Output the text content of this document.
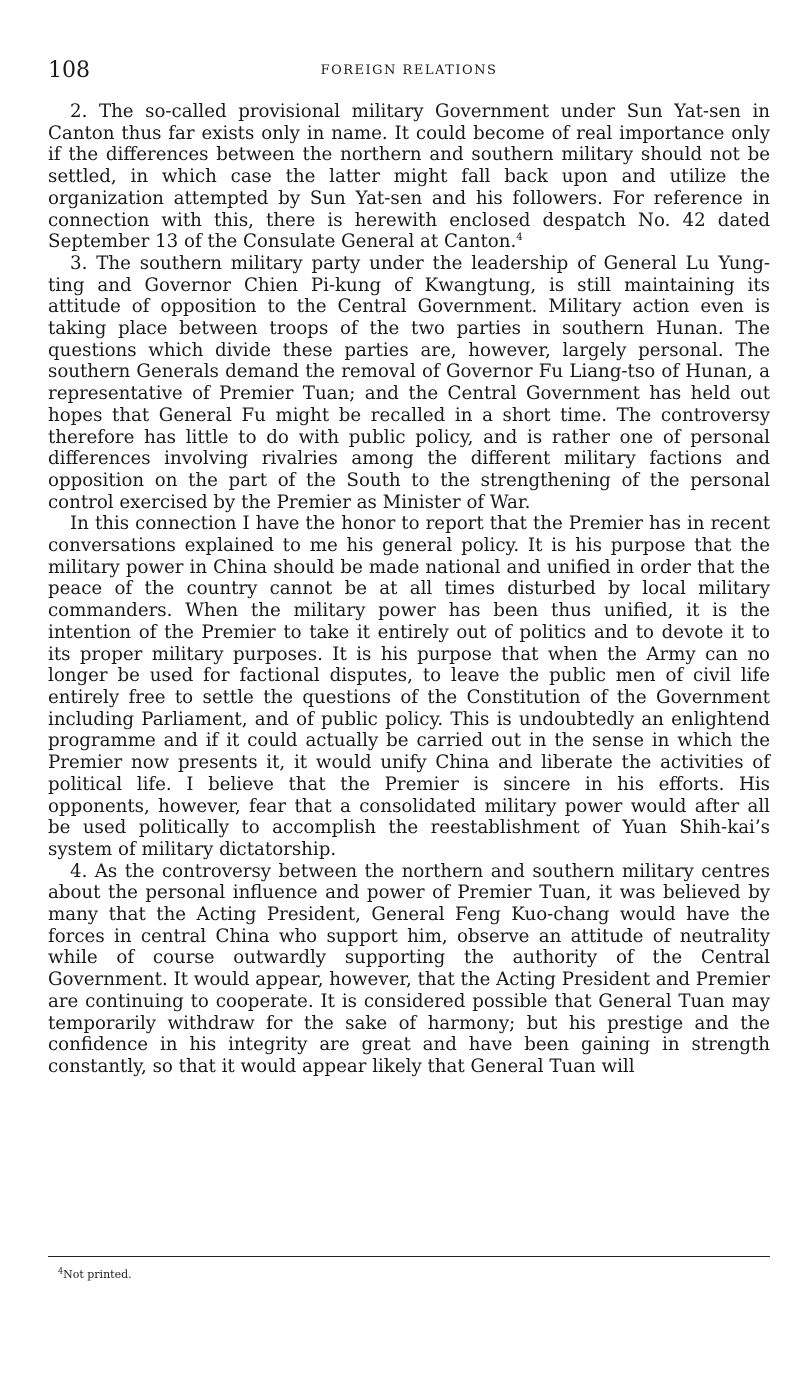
108	FOREIGN RELATIONS

2. The so-called provisional military Government under Sun Yat-sen in Canton thus far exists only in name. It could become of real importance only if the differences between the northern and southern military should not be settled, in which case the latter might fall back upon and utilize the organization attempted by Sun Yat-sen and his followers. For reference in connection with this, there is herewith enclosed despatch No. 42 dated September 13 of the Consulate General at Canton.$^4$

3. The southern military party under the leadership of General Lu Yung-ting and Governor Chien Pi-kung of Kwangtung, is still maintaining its attitude of opposition to the Central Government. Military action even is taking place between troops of the two parties in southern Hunan. The questions which divide these parties are, however, largely personal. The southern Generals demand the removal of Governor Fu Liang-tso of Hunan, a representative of Premier Tuan; and the Central Government has held out hopes that General Fu might be recalled in a short time. The controversy therefore has little to do with public policy, and is rather one of personal differences involving rivalries among the different military factions and opposition on the part of the South to the strengthening of the personal control exercised by the Premier as Minister of War.

In this connection I have the honor to report that the Premier has in recent conversations explained to me his general policy. It is his purpose that the military power in China should be made national and unified in order that the peace of the country cannot be at all times disturbed by local military commanders. When the military power has been thus unified, it is the intention of the Premier to take it entirely out of politics and to devote it to its proper military purposes. It is his purpose that when the Army can no longer be used for factional disputes, to leave the public men of civil life entirely free to settle the questions of the Constitution of the Government including Parliament, and of public policy. This is undoubtedly an enlightend programme and if it could actually be carried out in the sense in which the Premier now presents it, it would unify China and liberate the activities of political life. I believe that the Premier is sincere in his efforts. His opponents, however, fear that a consolidated military power would after all be used politically to accomplish the reestablishment of Yuan Shih-kai’s system of military dictatorship.

4. As the controversy between the northern and southern military centres about the personal influence and power of Premier Tuan, it was believed by many that the Acting President, General Feng Kuo-chang would have the forces in central China who support him, observe an attitude of neutrality while of course outwardly supporting the authority of the Central Government. It would appear, however, that the Acting President and Premier are continuing to cooperate. It is considered possible that General Tuan may temporarily withdraw for the sake of harmony; but his prestige and the confidence in his integrity are great and have been gaining in strength constantly, so that it would appear likely that General Tuan will

$^4$Not printed.
